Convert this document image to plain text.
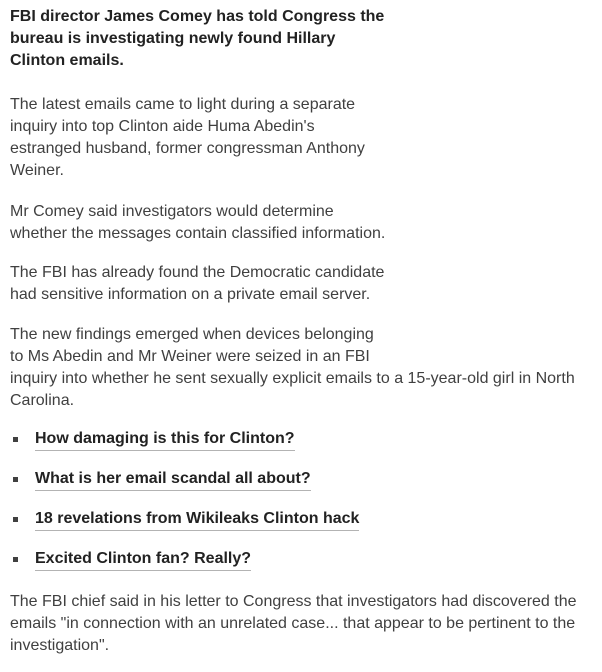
FBI director James Comey has told Congress the
bureau is investigating newly found Hillary
Clinton emails.

The latest emails came to light during a separate
inquiry into top Clinton aide Huma Abedin's
estranged husband, former congressman Anthony
Weiner.

Mr Comey said investigators would determine
whether the messages contain classified information.

The FBI has already found the Democratic candidate
had sensitive information on a private email server.

The new findings emerged when devices belonging
to Ms Abedin and Mr Weiner were seized in an FBI
inquiry into whether he sent sexually explicit emails to a 15-year-old girl in North
Carolina.

How damaging is this for Clinton?
What is her email scandal all about?
18 revelations from Wikileaks Clinton hack
Excited Clinton fan? Really?

The FBI chief said in his letter to Congress that investigators had discovered the
emails "in connection with an unrelated case... that appear to be pertinent to the
investigation".
